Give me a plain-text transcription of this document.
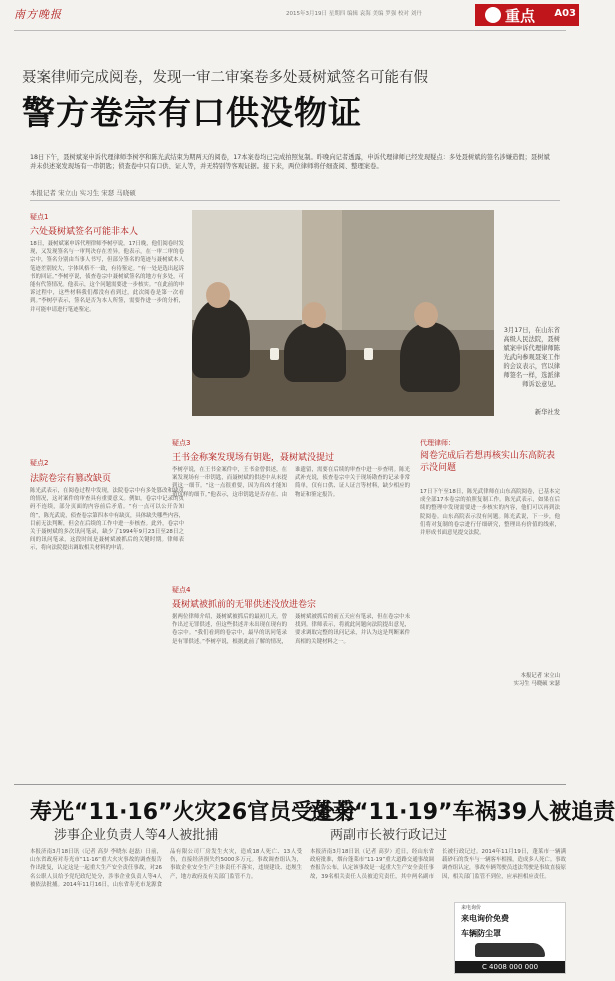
南方晚报	2015年3月19日 星期四 编辑 袁海 美编 罗强 校对 刘丹	重点 A03
聂案律师完成阅卷，发现一审二审案卷多处聂树斌签名可能有假
警方卷宗有口供没物证
18日下午，聂树斌案申诉代理律师李树亭和陈光武结束为期两天的阅卷，17本案卷均已完成拍照复制。昨晚向记者透露，申诉代理律师已经发现疑点：多处聂树斌的签名涉嫌造假；聂树斌并未供述案发现场有一串钥匙；侦查卷中只有口供、证人等，并无特别等客观证据。接下来，两位律师将仔细查阅、整理案卷。
本报记者 宋立山 实习生 宋瑟 马晓硕
疑点1
六处聂树斌签名可能非本人
18日，聂树斌案申诉代理律师李树亭说，17日晚，他们阅卷时发现，又发现签名与一审判决存在差异。他表示，在一审二审的卷宗中，签名分别由当事人书写，但部分签名的笔迹与聂树斌本人笔迹差别较大，字体风格不一致，有待鉴定。“有一处是选出起诉书的回证。”李树亭说，侦查卷宗中聂树斌签名的地方有多处，可能有代签情况。他表示，这个问题需要进一步核实。“在此前的申诉过程中，这些材料我们都没有看到过，此次阅卷是第一次看到。”李树亭表示，签名是否为本人所签，需要作进一步的分析，并可能申请进行笔迹鉴定。
3月17日，在山东省高级人民法院，聂树斌案申诉代理律师陈光武向参观聂案工作的会议表示，官以律师签名一样，选派律师诉讼意见。
新华社发
疑点2
法院卷宗有篡改缺页
陈光武表示，在阅卷过程中发现，法院卷宗中有多处篡改和缺页的情况，这对案件的审查具有重要意义。例如，卷宗中记录的页码不连续，部分页面的内容前后矛盾。“有一点可以公开告知的”，陈光武说，侦查卷宗第四本中有缺页，具体缺失哪些内容，目前无法判断，但会在后续的工作中进一步核查。此外，卷宗中关于聂树斌的多次讯问笔录，缺少了1994年9月23日至28日之间的讯问笔录，这段时间是聂树斌被抓后的关键时期。律师表示，将向法院提出调取相关材料的申请。
疑点3
王书金称案发现场有钥匙，聂树斌没提过
李树亭说，在王书金案件中，王书金曾供述，在案发现场有一串钥匙，而聂树斌的供述中从未提到这一细节。“这一点很重要，因为真凶才能知道这样的细节。”他表示，这串钥匙是否存在、由谁遗留，需要在后续的审查中进一步查明。陈光武补充说，侦查卷宗中关于现场勘查的记录非常简单，仅有口供、证人证言等材料，缺少相应的物证和鉴定报告。
疑点4
聂树斌被抓前的无罪供述没放进卷宗
据两位律师介绍，聂树斌被抓后的最初几天，曾作出过无罪供述，但这些供述并未出现在现有的卷宗中。“我们看到的卷宗中，最早的讯问笔录是有罪供述。”李树亭说，根据此前了解的情况，聂树斌被抓后的前五天应有笔录，但在卷宗中未找到。律师表示，将就此问题向法院提出意见，要求调取完整的讯问记录，并认为这是判断案件真相的关键材料之一。
代理律师：
阅卷完成后若想再核实山东高院表示没问题
17日下午至18日，陈光武律师在山东高院阅卷，已基本完成全部17本卷宗的拍照复制工作。陈光武表示，如果在后续的整理中发现需要进一步核实的内容，他们可以再到法院阅卷。山东高院表示没有问题。陈光武说，下一步，他们将对复制的卷宗进行仔细研究，整理出有价值的线索，并形成书面意见提交法院。
本报记者 宋立山
实习生 马晓硕 宋瑟
寿光“11·16”火灾26官员受处分
涉事企业负责人等4人被批捕
本报济南3月18日讯（记者 高岁 李晓东 赵磊）日前，山东省政府对寿光市“11·16”重大火灾事故的调查报告作出批复，认定这是一起重大生产安全责任事故，对26名公职人员给予党纪政纪处分，涉事企业负责人等4人被依法批捕。2014年11月16日，山东省寿光市龙源食品有限公司厂房发生火灾，造成18人死亡、13人受伤，直接经济损失约5000多万元。事故调查组认为，事故企业安全生产主体责任不落实，违规建设、违规生产，地方政府及有关部门监管不力。
蓬莱“11·19”车祸39人被追责
两副市长被行政记过
本报济南3月18日讯（记者 高岁）近日，经山东省政府批准，烟台蓬莱市“11·19”重大道路交通事故调查报告公布，认定该事故是一起重大生产安全责任事故，39名相关责任人员被追究责任，其中两名副市长被行政记过。2014年11月19日，蓬莱市一辆满载砂石的货车与一辆客车相撞，造成多人死亡。事故调查组认定，事故车辆驾驶员违法驾驶是事故直接原因，相关部门监管不到位，应承担相应责任。
来电询价
来电询价免费
车辆防尘罩
C 4008 000 000
